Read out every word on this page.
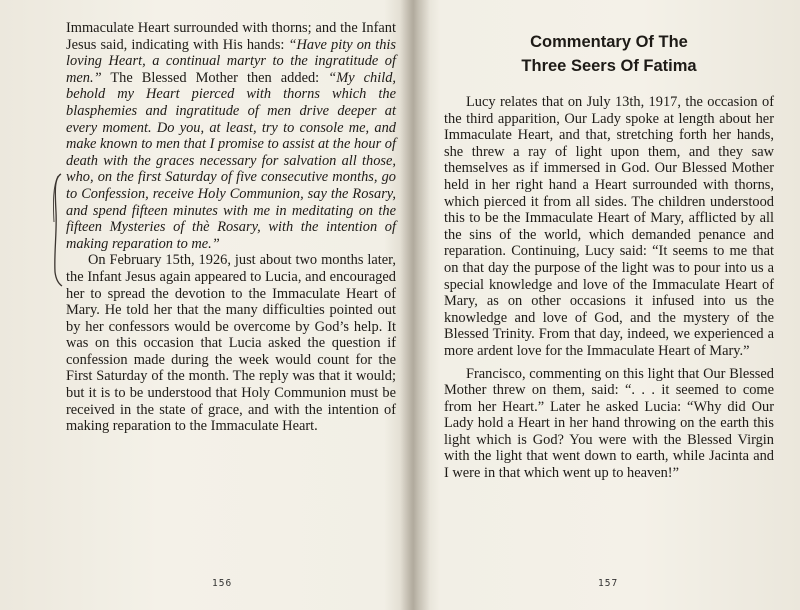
Immaculate Heart surrounded with thorns; and the Infant Jesus said, indicating with His hands: “Have pity on this loving Heart, a continual martyr to the ingratitude of men.” The Blessed Mother then added: “My child, behold my Heart pierced with thorns which the blasphemies and ingratitude of men drive deeper at every moment. Do you, at least, try to console me, and make known to men that I promise to assist at the hour of death with the graces necessary for salvation all those, who, on the first Saturday of five consecutive months, go to Confession, receive Holy Communion, say the Rosary, and spend fifteen minutes with me in meditating on the fifteen Mysteries of thè Rosary, with the intention of making reparation to me.”

On February 15th, 1926, just about two months later, the Infant Jesus again appeared to Lucia, and encouraged her to spread the devotion to the Immaculate Heart of Mary. He told her that the many difficulties pointed out by her confessors would be overcome by God’s help. It was on this occasion that Lucia asked the question if confession made during the week would count for the First Saturday of the month. The reply was that it would; but it is to be understood that Holy Communion must be received in the state of grace, and with the intention of making reparation to the Immaculate Heart.

156
Commentary Of The
Three Seers Of Fatima

Lucy relates that on July 13th, 1917, the occasion of the third apparition, Our Lady spoke at length about her Immaculate Heart, and that, stretching forth her hands, she threw a ray of light upon them, and they saw themselves as if immersed in God. Our Blessed Mother held in her right hand a Heart surrounded with thorns, which pierced it from all sides. The children understood this to be the Immaculate Heart of Mary, afflicted by all the sins of the world, which demanded penance and reparation. Continuing, Lucy said: “It seems to me that on that day the purpose of the light was to pour into us a special knowledge and love of the Immaculate Heart of Mary, as on other occasions it infused into us the knowledge and love of God, and the mystery of the Blessed Trinity. From that day, indeed, we experienced a more ardent love for the Immaculate Heart of Mary.”

Francisco, commenting on this light that Our Blessed Mother threw on them, said: “. . . it seemed to come from her Heart.” Later he asked Lucia: “Why did Our Lady hold a Heart in her hand throwing on the earth this light which is God? You were with the Blessed Virgin with the light that went down to earth, while Jacinta and I were in that which went up to heaven!”

157
